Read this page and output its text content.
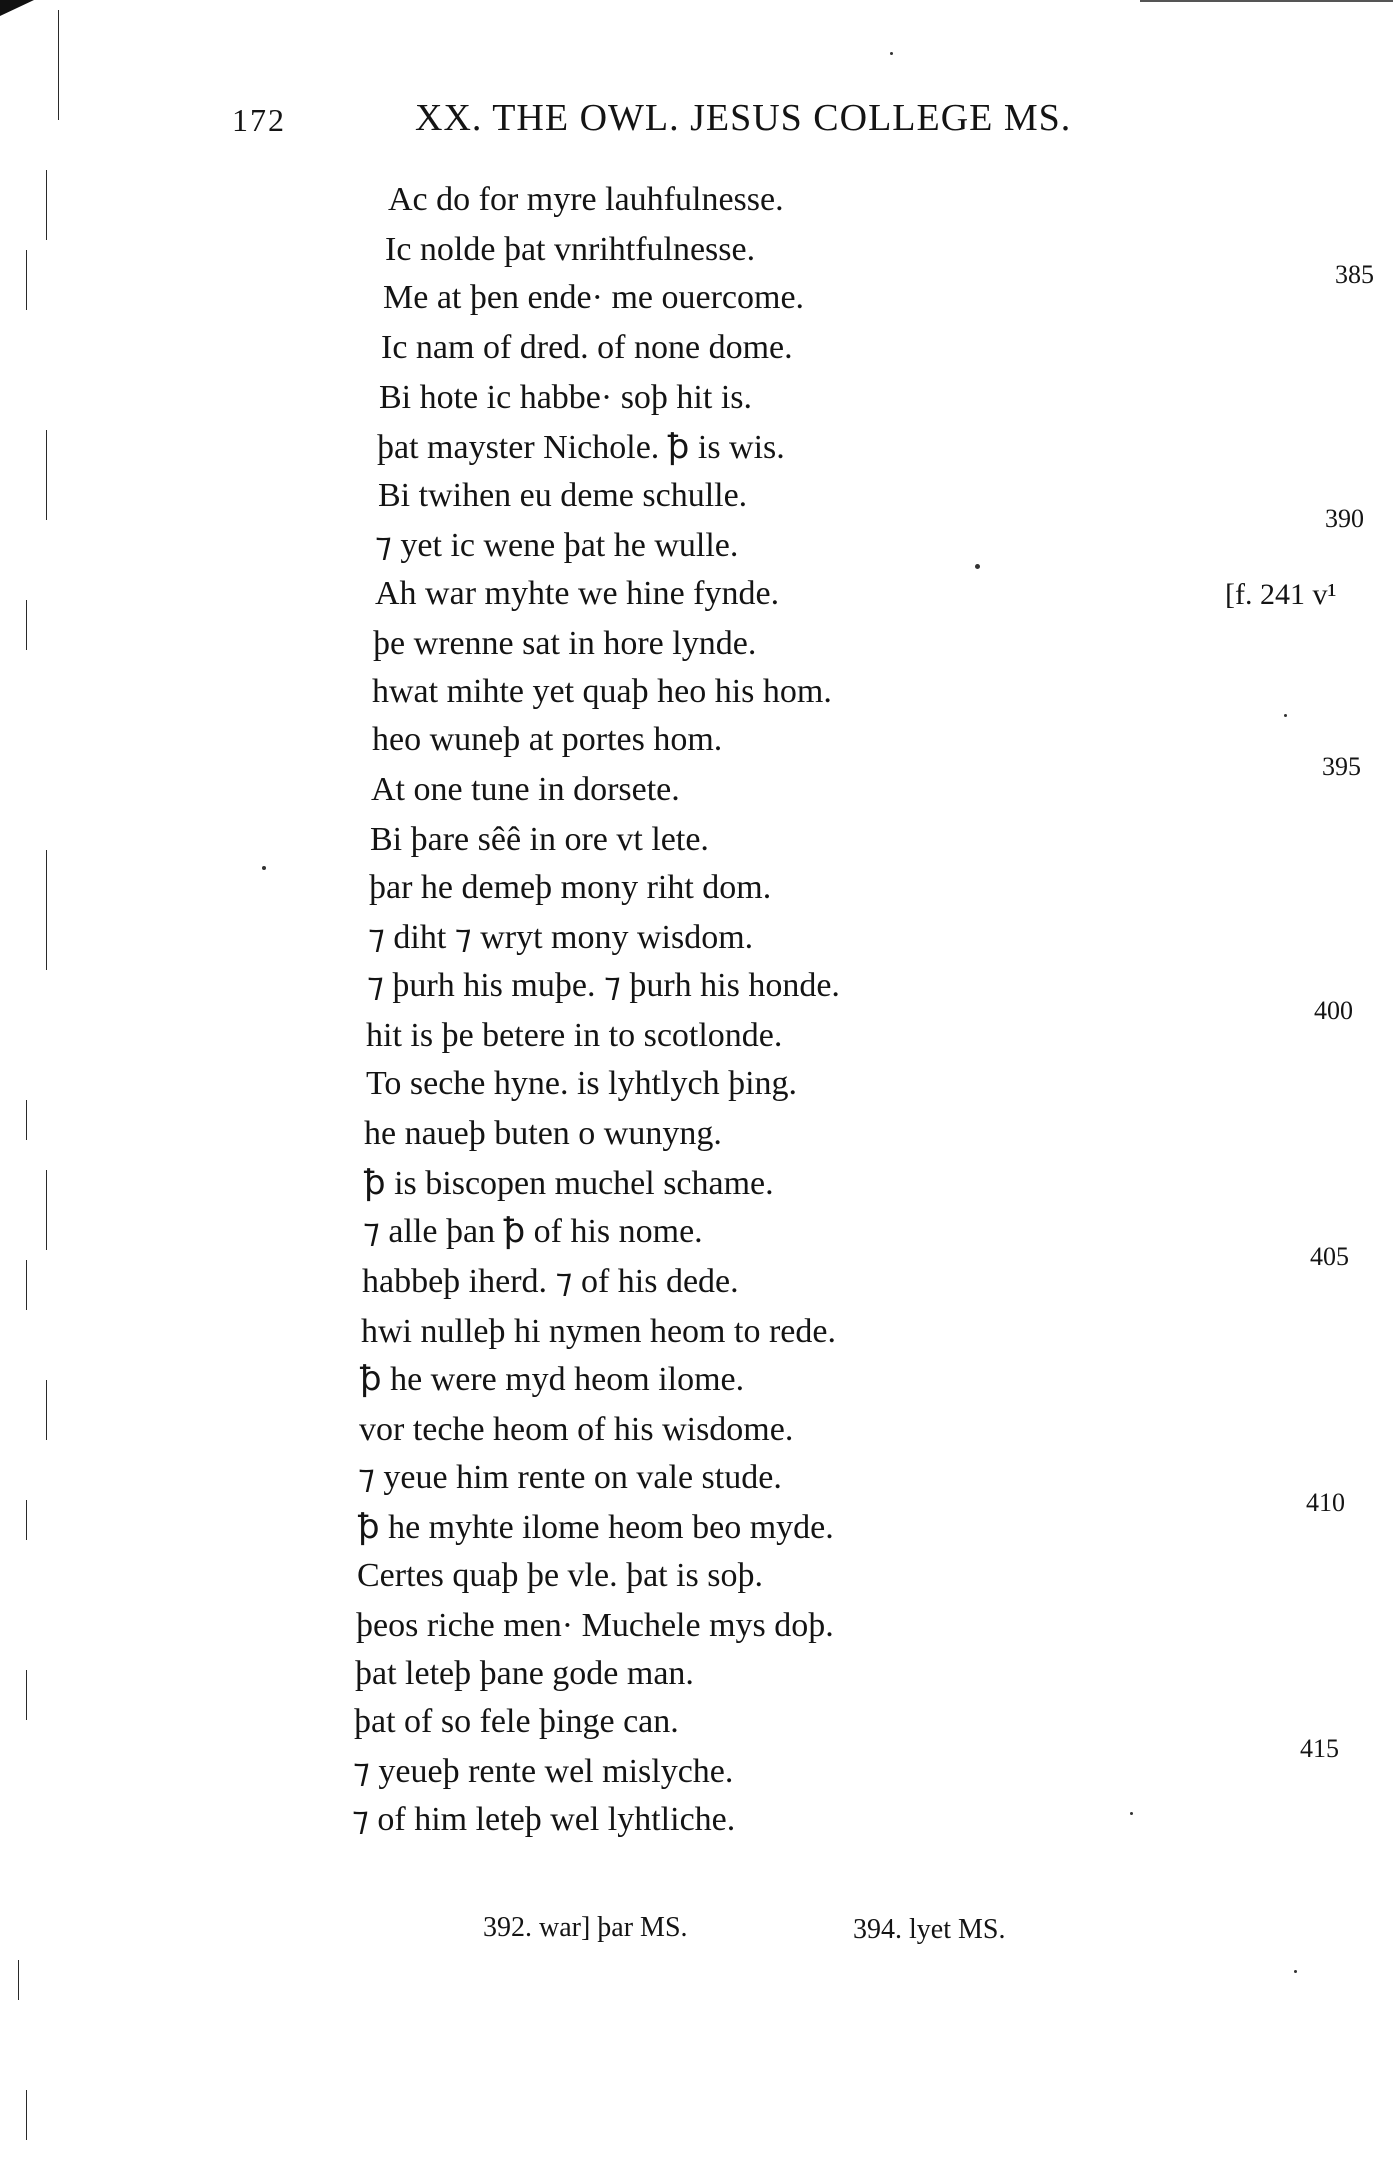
172	XX. THE OWL. JESUS COLLEGE MS.
Ac do for myre lauhfulnesse.
Ic nolde þat vnrihtfulnesse.
Me at þen ende· me ouercome.
Ic nam of dred. of none dome.
Bi hote ic habbe· soþ hit is.
þat mayster Nichole. ꝥ is wis.
Bi twihen eu deme schulle.
⁊ yet ic wene þat he wulle.
Ah war myhte we hine fynde.
þe wrenne sat in hore lynde.
hwat mihte yet quaþ heo his hom.
heo wuneþ at portes hom.
At one tune in dorsete.
Bi þare sêê in ore vt lete.
þar he demeþ mony riht dom.
⁊ diht ⁊ wryt mony wisdom.
⁊ þurh his muþe. ⁊ þurh his honde.
hit is þe betere in to scotlonde.
To seche hyne. is lyhtlych þing.
he naueþ buten o wunyng.
ꝥ is biscopen muchel schame.
⁊ alle þan ꝥ of his nome.
habbeþ iherd. ⁊ of his dede.
hwi nulleþ hi nymen heom to rede.
ꝥ he were myd heom ilome.
vor teche heom of his wisdome.
⁊ yeue him rente on vale stude.
ꝥ he myhte ilome heom beo myde.
Certes quaþ þe vle. þat is soþ.
þeos riche men· Muchele mys doþ.
þat leteþ þane gode man.
þat of so fele þinge can.
⁊ yeueþ rente wel mislyche.
⁊ of him leteþ wel lyhtliche.
385
390
395
400
405
410
415
[f. 241 v¹
392. war] þar MS.	394. lyet MS.
